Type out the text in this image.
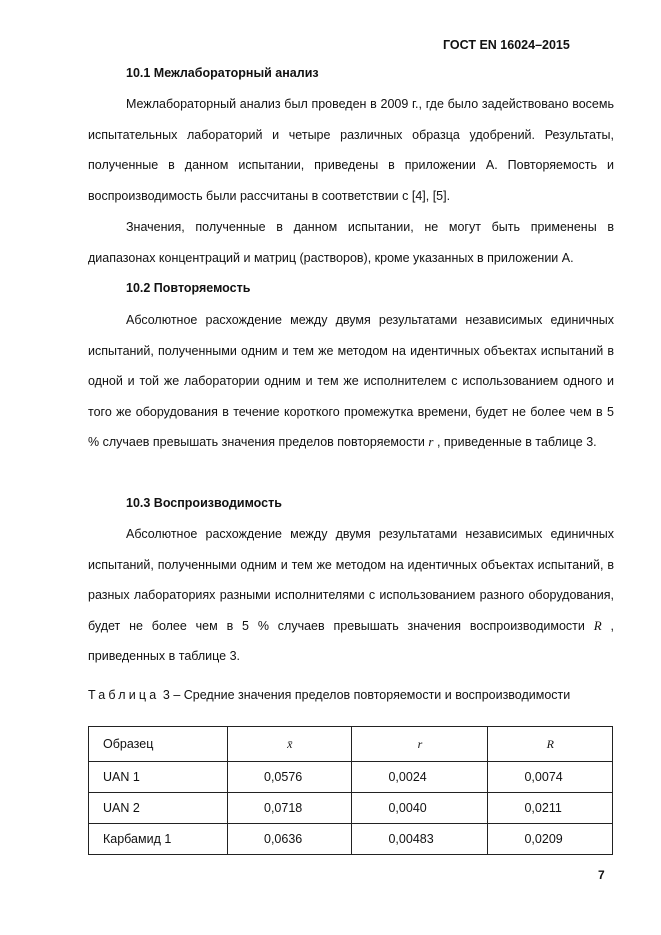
ГОСТ EN 16024–2015
10.1 Межлабораторный анализ

Межлабораторный анализ был проведен в 2009 г., где было задействовано восемь испытательных лабораторий и четыре различных образца удобрений. Результаты, полученные в данном испытании, приведены в приложении А. Повторяемость и воспроизводимость были рассчитаны в соответствии с [4], [5].

Значения, полученные в данном испытании, не могут быть применены в диапазонах концентраций и матриц (растворов), кроме указанных в приложении А.

10.2 Повторяемость

Абсолютное расхождение между двумя результатами независимых единичных испытаний, полученными одним и тем же методом на идентичных объектах испытаний в одной и той же лаборатории одним и тем же исполнителем с использованием одного и того же оборудования в течение короткого промежутка времени, будет не более чем в 5 % случаев превышать значения пределов повторяемости r , приведенные в таблице 3.

10.3 Воспроизводимость

Абсолютное расхождение между двумя результатами независимых единичных испытаний, полученными одним и тем же методом на идентичных объектах испытаний, в разных лабораториях разными исполнителями с использованием разного оборудования, будет не более чем в 5 % случаев превышать значения воспроизводимости R , приведенных в таблице 3.

Таблица 3 – Средние значения пределов повторяемости и воспроизводимости
Образец	x̄	r	R
UAN 1	0,0576	0,0024	0,0074
UAN 2	0,0718	0,0040	0,0211
Карбамид 1	0,0636	0,00483	0,0209
7
